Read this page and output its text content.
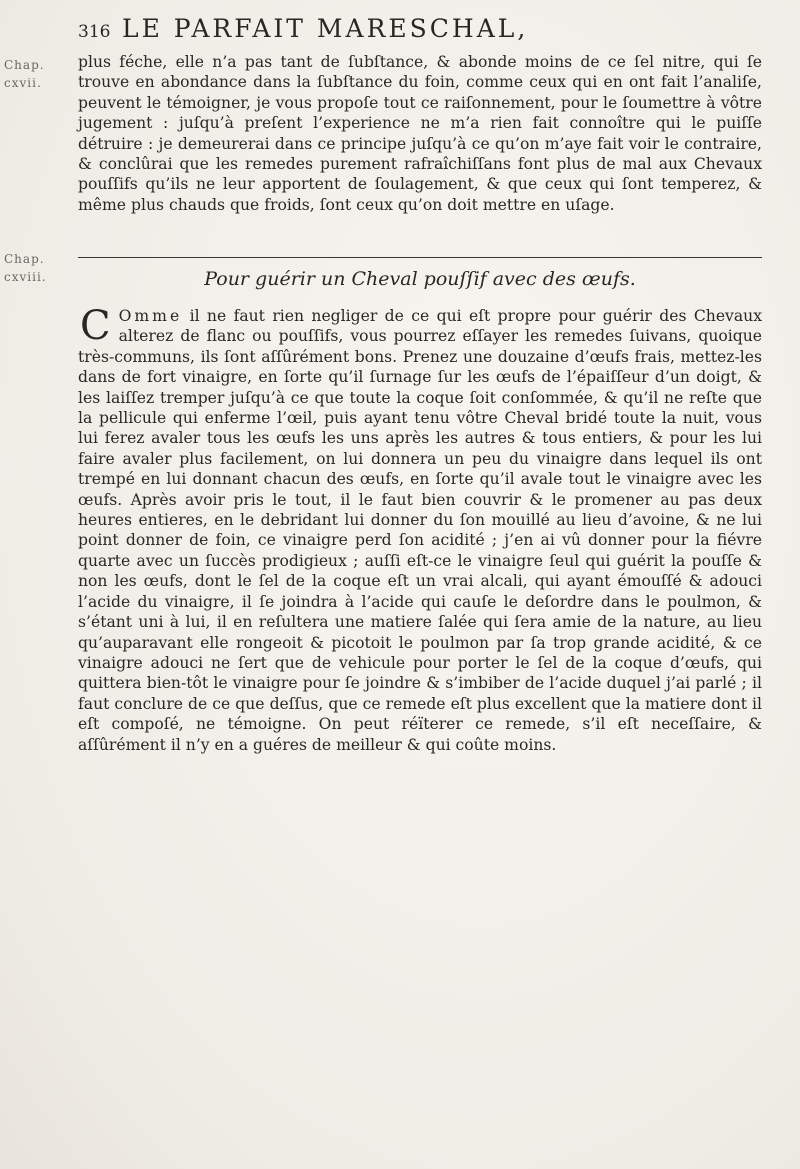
316 LE PARFAIT MARESCHAL,
Chap.
cxvii.

plus féche, elle n’a pas tant de ſubſtance, & abonde moins de ce ſel nitre, qui ſe trouve en abondance dans la ſubſtance du foin, comme ceux qui en ont fait l’analiſe, peuvent le témoigner, je vous propoſe tout ce raiſonnement, pour le ſoumettre à vôtre jugement : juſqu’à preſent l’experience ne m’a rien fait connoître qui le puiſſe détruire : je demeurerai dans ce principe juſqu’à ce qu’on m’aye fait voir le contraire, & conclûrai que les remedes purement rafraîchiſſans font plus de mal aux Chevaux pouſſifs qu’ils ne leur apportent de ſoulagement, & que ceux qui ſont temperez, & même plus chauds que froids, ſont ceux qu’on doit mettre en uſage.

Chap.
cxviii.	Pour guérir un Cheval pouſſif avec des œufs.

C Omme il ne faut rien negliger de ce qui eſt propre pour guérir des Chevaux alterez de flanc ou pouſſifs, vous pourrez eſſayer les remedes ſuivans, quoique très-communs, ils ſont aſſûrément bons. Prenez une douzaine d’œufs frais, mettez-les dans de fort vinaigre, en ſorte qu’il ſurnage ſur les œufs de l’épaiſſeur d’un doigt, & les laiſſez tremper juſqu’à ce que toute la coque ſoit conſommée, & qu’il ne reſte que la pellicule qui enferme l’œil, puis ayant tenu vôtre Cheval bridé toute la nuit, vous lui ferez avaler tous les œufs les uns après les autres & tous entiers, & pour les lui faire avaler plus facilement, on lui donnera un peu du vinaigre dans lequel ils ont trempé en lui donnant chacun des œufs, en ſorte qu’il avale tout le vinaigre avec les œufs. Après avoir pris le tout, il le faut bien couvrir & le promener au pas deux heures entieres, en le debridant lui donner du ſon mouillé au lieu d’avoine, & ne lui point donner de foin, ce vinaigre perd ſon acidité ; j’en ai vû donner pour la fiévre quarte avec un ſuccès prodigieux ; auſſi eſt-ce le vinaigre ſeul qui guérit la pouſſe & non les œufs, dont le ſel de la coque eſt un vrai alcali, qui ayant émouſſé & adouci l’acide du vinaigre, il ſe joindra à l’acide qui cauſe le deſordre dans le poulmon, & s’étant uni à lui, il en reſultera une matiere ſalée qui ſera amie de la nature, au lieu qu’auparavant elle rongeoit & picotoit le poulmon par ſa trop grande acidité, & ce vinaigre adouci ne ſert que de vehicule pour porter le ſel de la coque d’œufs, qui quittera bien-tôt le vinaigre pour ſe joindre & s’imbiber de l’acide duquel j’ai parlé ; il faut conclure de ce que deſſus, que ce remede eſt plus excellent que la matiere dont il eſt compoſé, ne témoigne. On peut réïterer ce remede, s’il eſt neceſſaire, & aſſûrément il n’y en a guéres de meilleur & qui coûte moins.
